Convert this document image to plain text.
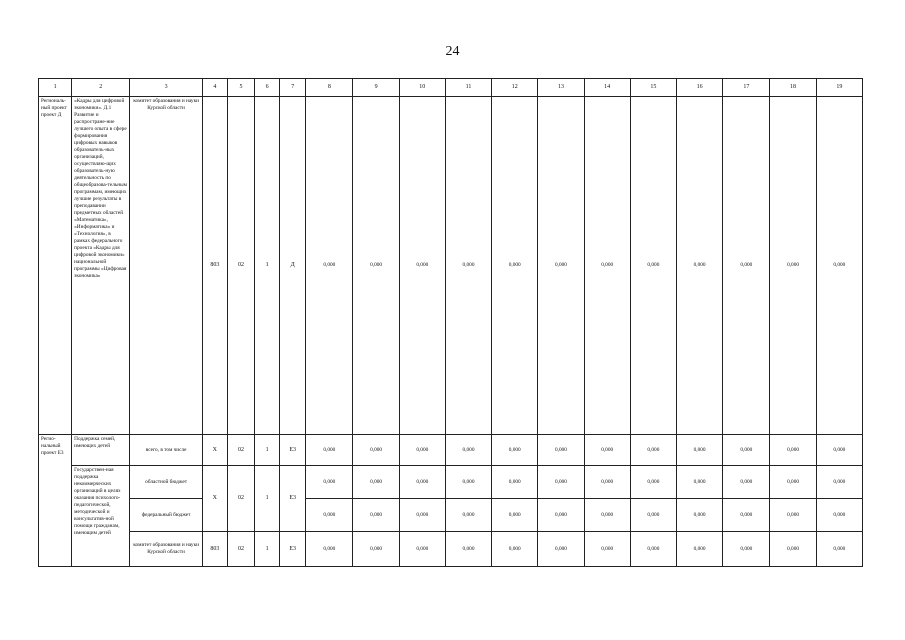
24
1	2	3	4	5	6	7	8	9	10	11	12	13	14	15	16	17	18	19
Региональ-ный проект проект Д	«Кадры для цифровой экономики». Д.1 Развитие и распростране-ние лучшего опыта в сфере формирования цифровых навыков образователь-ных организаций, осуществляю-щих образователь-ную деятельность по общеобразова-тельным программам, имеющих лучшие результаты в преподавании предметных областей «Математика», «Информатика» и «Технология», в рамках федерального проекта «Кадры для цифровой экономики» национальной программы «Цифровая экономика»	комитет образования и науки Курской области	803	02	1	Д	0,000	0,000	0,000	0,000	0,000	0,000	0,000	0,000	0,000	0,000	0,000	0,000
Регио-нальный проект Е3	Поддержка семей, имеющих детей	всего, в том числе	Х	02	1	Е3	0,000	0,000	0,000	0,000	0,000	0,000	0,000	0,000	0,000	0,000	0,000	0,000
	Государствен-ная поддержка некоммерческих организаций в целях оказания психолого-педагогической, методической и консультатив-ной помощи гражданам, имеющим детей	областной бюджет	Х	02	1	Е3	0,000	0,000	0,000	0,000	0,000	0,000	0,000	0,000	0,000	0,000	0,000	0,000
		федеральный бюджет					0,000	0,000	0,000	0,000	0,000	0,000	0,000	0,000	0,000	0,000	0,000	0,000
		комитет образования и науки Курской области	803	02	1	Е3	0,000	0,000	0,000	0,000	0,000	0,000	0,000	0,000	0,000	0,000	0,000	0,000
